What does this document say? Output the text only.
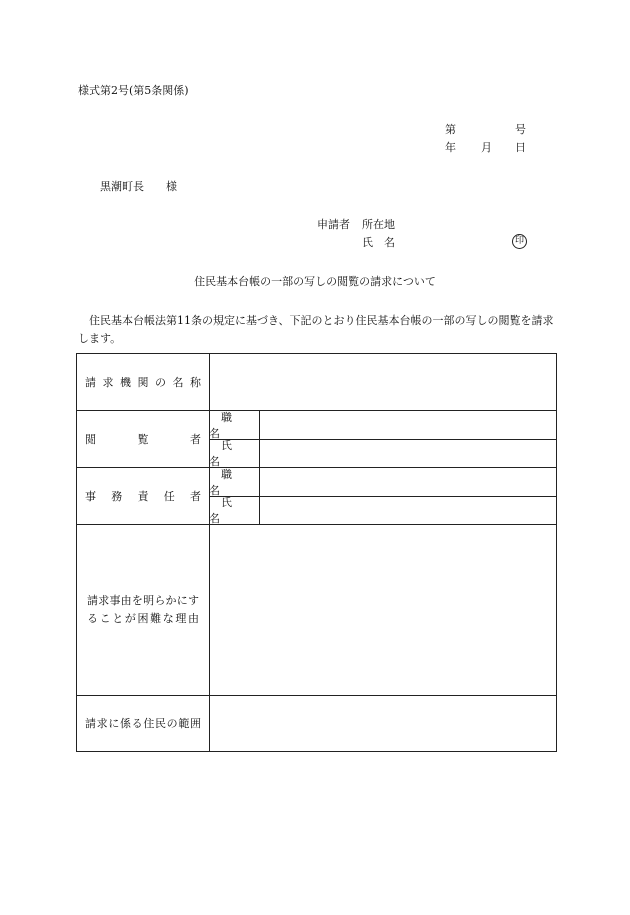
様式第2号(第5条関係)
第	号
年 月 日
黒潮町長 様
申請者 所在地
氏名	印
住民基本台帳の一部の写しの閲覧の請求について
住民基本台帳法第11条の規定に基づき、下記のとおり住民基本台帳の一部の写しの閲覧を請求します。
請求機関の名称
閲覧者
職名
氏名
事務責任者
職名
氏名
請求事由を明らかにすることが困難な理由
請求に係る住民の範囲
